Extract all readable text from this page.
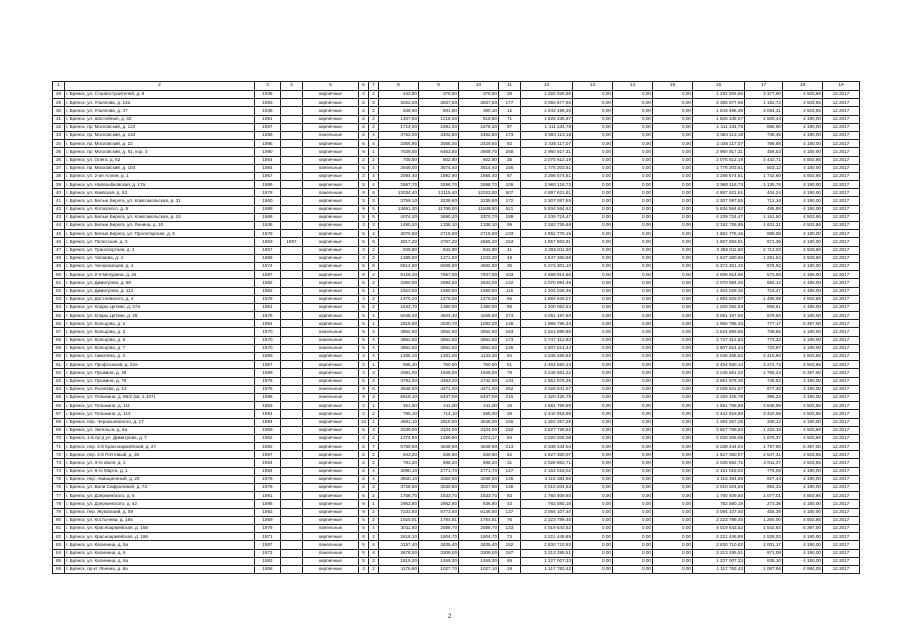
1	2	3	4	5	6	7	8	9	10	11	12	13	14	15	16	17	18	19
28	г. Брянск, ул. Станкостроителей, д. 8	1936		кирпичные	2	2	433,80	379,80	379,80	28	1 282 926,65	0,00	0,00	0,00	1 282 926,65	3 377,90	4 503,86	12.2017
29	г. Брянск, ул. Ульянова, д. 13а	1983		кирпичные	5	3	3022,00	2837,50	2837,50	177	3 355 877,66	0,00	0,00	0,00	3 355 877,66	1 182,72	4 503,86	12.2017
30	г. Брянск, ул. Ульянова, д. 47	1938		кирпичные	2	2	638,60	601,60	390,10	12	1 843 496,35	0,00	0,00	0,00	1 843 496,35	3 064,31	4 503,86	12.2017
31	г. Брянск, ул. Шоссейная, д. 63	1991		кирпичные	5	2	1307,50	1216,00	919,80	71	1 825 435,67	0,00	0,00	0,00	1 825 435,67	1 500,44	4 180,00	12.2017
32	г. Брянск, пр. Московский, д. 122	1967		кирпичные	5	2	1714,00	1591,20	1578,30	97	1 411 234,78	0,00	0,00	0,00	1 411 234,78	886,90	4 180,00	12.2017
33	г. Брянск, пр. Московский, д. 134	1958		панельные	5	4	3752,00	3402,80	2462,80	173	2 584 113,18	0,00	0,00	0,00	2 584 113,18	748,45	4 180,00	12.2017
34	г. Брянск, пр. Московский, д. 22	1985		кирпичные	5	4	3365,90	3056,00	2429,60	82	2 435 117,07	0,00	0,00	0,00	2 435 117,07	796,68	4 180,00	12.2017
35	г. Брянск, пр. Московский, д. 81, кор. 3	1990		кирпичные	9	1	7539,00	6463,80	4909,70	258	2 960 917,31	0,00	0,00	0,00	2 960 917,31	458,53	4 180,00	12.2017
36	г. Брянск, ул. Олега, д. 62	1954		кирпичные	2	2	705,50	602,80	602,80	35	2 075 612,19	0,00	0,00	0,00	2 075 612,19	3 442,71	4 503,86	12.2017
37	г. Брянск, пр. Московский, д. 104	1984		панельные	5	4	3948,00	3574,40	3514,40	156	1 775 203,61	0,00	0,00	0,00	1 775 203,61	503,12	4 180,00	12.2017
38	г. Брянск, ул. 2-ая Аллея, д. 1	1957		кирпичные	3	4	2094,40	1892,90	1665,40	67	3 298 574,61	0,00	0,00	0,00	3 298 574,61	1 742,60	4 503,86	12.2017
39	г. Брянск, ул. Новозыбковская, д. 17а	1966		кирпичные	5	4	2967,70	2598,70	2598,70	106	2 960 116,73	0,00	0,00	0,00	2 960 116,73	1 139,76	4 180,00	12.2017
40	г. Брянск, ул. Киевская, д. 63	1978		панельные	9	6	13034,40	12115,40	12023,00	507	4 897 621,61	0,00	0,00	0,00	4 897 621,61	404,24	4 180,00	12.2017
41	г. Брянск, ул. Белые Берега, ул. Комсомольская, д. 31	1960		кирпичные	5	3	3759,10	3239,60	3239,60	172	2 307 087,55	0,00	0,00	0,00	2 307 087,55	712,16	4 180,00	12.2017
42	г. Брянск, ул. Котовского, д. 8	1989		кирпичные	9	5	13691,30	11769,00	11649,50	521	5 834 564,62	0,00	0,00	0,00	5 834 564,62	495,88	4 180,00	12.2017
43	г. Брянск, ул. Белые Берега, ул. Комсомольская, д. 24	1966		кирпичные	5	5	4074,20	3690,20	3370,70	189	4 239 724,47	0,00	0,00	0,00	4 239 724,47	1 151,50	4 503,86	12.2017
44	г. Брянск, ул. Белые Берега, ул. Ленина, д. 10	1936		кирпичные	3	3	1490,20	1338,10	1338,10	59	2 182 726,66	0,00	0,00	0,00	2 182 726,66	1 631,21	4 503,86	12.2017
45	г. Брянск, ул. Белые Берега, ул. Пролетарская, д. 6	1978		кирпичные	5	4	3070,50	2715,50	2715,50	133	1 862 776,16	0,00	0,00	0,00	1 862 776,16	685,98	4 180,00	12.2017
46	г. Брянск, ул. Полесская, д. 2	1983	1997	кирпичные	5	6	3017,20	2767,20	2665,30	153	1 857 863,91	0,00	0,00	0,00	1 857 863,91	671,39	4 180,00	12.2017
47	г. Брянск, ул. Транспортная, д. 4	1957		кирпичные	2	2	929,80	842,90	842,90	41	2 286 811,60	0,00	0,00	0,00	2 286 811,60	2 713,03	4 503,86	12.2017
48	г. Брянск, ул. Чапаева, д. 4	1966		кирпичные	4	3	1389,50	1271,50	1043,30	49	1 647 360,66	0,00	0,00	0,00	1 647 360,66	1 291,54	4 503,86	12.2017
49	г. Брянск, ул. Челюскинцев, д. 4	1974		кирпичные	5	8	6514,90	6009,90	4862,80	35	5 274 301,10	0,00	0,00	0,00	5 274 301,10	876,92	4 180,00	12.2017
50	г. Брянск, ул. 2-я Мичурина, д. 25	1987		кирпичные	9	4	9129,40	7967,00	7937,00	433	4 588 914,66	0,00	0,00	0,00	4 588 914,66	573,58	4 180,00	12.2017
51	г. Брянск, ул. Димитрова, д. 69	1982		кирпичные	5	2	3360,00	2994,50	2633,00	142	2 070 994,46	0,00	0,00	0,00	2 070 994,46	684,12	4 180,00	12.2017
52	г. Брянск, ул. Димитрова, д. 112	1962		кирпичные	5	1	1923,50	1680,50	1680,50	115	1 204 029,36	0,00	0,00	0,00	1 204 029,36	716,47	4 180,00	12.2017
53	г. Брянск, ул. Достоевского, д. 4	1978		кирпичные	4	2	1370,20	1275,00	1275,00	66	1 894 629,07	0,00	0,00	0,00	1 894 629,07	1 485,98	4 503,86	12.2017
54	г. Брянск, ул. Клары Цеткин, д. 27а	1961		кирпичные	5	2	1543,70	1380,00	1380,00	85	1 200 062,53	0,00	0,00	0,00	1 200 062,53	869,61	4 180,00	12.2017
55	г. Брянск, ул. Клары Цеткин, д. 29	1978		кирпичные	5	4	5048,40	4504,40	4258,50	274	3 061 197,60	0,00	0,00	0,00	3 061 197,60	679,60	4 180,00	12.2017
56	г. Брянск, ул. Кольцова, д. 2	1984		кирпичные	5	1	2815,90	2530,70	1083,00	128	1 966 795,33	0,00	0,00	0,00	1 966 795,33	777,17	5 397,00	12.2017
57	г. Брянск, ул. Кольцова, д. 3	1970		панельные	5	4	3852,60	3552,60	3552,60	163	2 624 889,88	0,00	0,00	0,00	2 624 889,88	738,86	4 180,00	12.2017
58	г. Брянск, ул. Кольцова, д. 5	1970		панельные	5	4	3852,60	3552,60	3552,60	173	2 747 312,83	0,00	0,00	0,00	2 747 312,83	773,32	4 180,00	12.2017
59	г. Брянск, ул. Кольцова, д. 7	1970		панельные	5	4	3852,60	3552,60	3552,60	146	2 607 614,44	0,00	0,00	0,00	2 607 614,44	733,87	4 180,00	12.2017
60	г. Брянск, ул. Никитина, д. 3	1989		кирпичные	4	4	1266,10	1261,00	1133,30	64	3 046 466,82	0,00	0,00	0,00	3 046 466,82	2 415,60	4 503,86	12.2017
61	г. Брянск, ул. Профсоюзов, д. 22а	1957		кирпичные	2	1	965,40	750,00	750,00	51	2 454 550,14	0,00	0,00	0,00	2 454 550,14	3 272,73	4 503,86	12.2017
62	г. Брянск, ул. Пушкина, д. 48	1969		кирпичные	4	3	2061,00	1846,00	1846,00	79	3 245 661,22	0,00	0,00	0,00	3 245 661,22	1 758,24	5 397,00	12.2017
63	г. Брянск, ул. Пушкина, д. 76	1976		кирпичные	5	4	3791,20	3483,20	2742,00	134	2 561 875,35	0,00	0,00	0,00	2 561 875,35	735,52	4 180,00	12.2017
64	г. Брянск, ул. Рылеева, д. 13	1975		панельные	9	6	4648,00	4471,00	4471,00	252	3 028 841,67	0,00	0,00	0,00	3 028 841,67	677,40	4 180,00	12.2017
65	г. Брянск, ул. Тельмана, д. 66/2 (кв. 1-107)	1986		панельные	9	3	6518,10	5437,00	5437,00	216	2 320 425,79	0,00	0,00	0,00	2 320 425,79	396,23	4 180,00	12.2017
66	г. Брянск, ул. Тельмана, д. 111	1953		кирпичные	2	1	451,50	411,00	411,00	18	1 581 769,89	0,00	0,00	0,00	1 581 769,89	3 848,59	4 503,86	12.2017
67	г. Брянск, ул. Тельмана, д. 113	1954		кирпичные	2	2	790,10	714,10	555,00	28	2 442 918,99	0,00	0,00	0,00	2 442 918,99	3 420,98	4 503,86	12.2017
68	г. Брянск, пер. Чернышевского, д. 17	1984		кирпичные	12	1	4691,10	3918,50	3846,00	156	1 364 267,25	0,00	0,00	0,00	1 364 267,25	348,12	4 180,00	12.2017
69	г. Брянск, ул. Энгельса, д. 6а	1969		кирпичные	5	4	3339,00	3104,00	3104,00	152	3 827 758,52	0,00	0,00	0,00	3 827 758,52	1 233,18	4 503,86	12.2017
70	г. Брянск, 1-й пр-д ул. Димитрова, д. 7	1962		кирпичные	2	2	1374,90	1269,90	1073,17	84	2 020 206,08	0,00	0,00	0,00	2 020 206,08	1 876,37	4 503,86	12.2017
71	г. Брянск, пер. 2-й Красноармейский, д. 27	1982		кирпичные	5	7	5789,50	4638,90	4638,90	213	8 338 444,04	0,00	0,00	0,00	8 338 444,04	1 797,50	5 397,00	12.2017
72	г. Брянск, пер. 2-й Почтовый, д. 36	1967		кирпичные	5	2	943,20	636,90	630,90	62	1 627 360,07	0,00	0,00	0,00	1 627 360,07	2 547,41	4 503,86	12.2017
73	г. Брянск, ул. 3-го июля, д. 1	1964		кирпичные	2	2	781,20	696,20	696,20	31	2 028 862,71	0,00	0,00	0,00	2 028 862,71	2 911,47	4 503,86	12.2017
74	г. Брянск, ул. 8-го Марта, д. 1	1984		кирпичные	5	4	3090,10	2771,70	2771,70	127	2 151 018,02	0,00	0,00	0,00	2 151 018,02	776,08	4 180,00	12.2017
75	г. Брянск, пер. Авиационный, д. 20	1978		кирпичные	5	4	3650,10	3350,00	3268,00	146	3 115 384,86	0,00	0,00	0,00	3 115 384,86	927,44	4 180,00	12.2017
76	г. Брянск, ул. Вали Сафроновой, д. 73	1978		кирпичные	5	3	3728,60	3030,60	3027,90	148	3 010 204,83	0,00	0,00	0,00	3 010 204,83	993,33	4 180,00	12.2017
77	г. Брянск, ул. Дзержинского, д. 5	1981		кирпичные	5	2	1758,70	1633,70	1633,70	83	1 760 409,60	0,00	0,00	0,00	1 760 409,60	1 077,01	4 503,86	12.2017
78	г. Брянск, ул. Дзержинского, д. 42	1986		кирпичные	9	1	2963,80	2862,80	636,80	43	782 580,19	0,00	0,00	0,00	782 580,19	273,38	4 180,00	12.2017
79	г. Брянск, пер. Жуковский, д. 59	1982		кирпичные	9	2	7233,60	6773,60	6146,50	137	3 084 107,40	0,00	0,00	0,00	3 084 107,40	455,38	4 180,00	12.2017
80	г. Брянск, ул. Костычева, д. 19а	1969		кирпичные	5	2	1920,91	1784,91	1784,91	76	2 223 789,45	0,00	0,00	0,00	2 223 789,45	1 260,00	4 503,86	12.2017
81	г. Брянск, ул. Красноармейская, д. 158	1978		панельные	5	4	3011,80	2588,70	2588,70	133	4 019 643,52	0,00	0,00	0,00	4 019 643,52	1 542,84	5 397,00	12.2017
82	г. Брянск, ул. Красноармейская, д. 166	1971		кирпичные	5	2	2618,10	1804,70	1804,70	73	2 221 445,89	0,00	0,00	0,00	2 221 445,89	1 528,02	4 180,00	12.2017
83	г. Брянск, ул. Калинина, д. 5а	1987		панельные	5	4	3157,40	2835,40	2835,40	152	2 830 710,82	0,00	0,00	0,00	2 830 710,82	1 001,17	4 180,00	12.2017
84	г. Брянск, ул. Калинина, д. 6	1972		панельные	5	4	3678,00	3309,00	3309,00	187	3 213 295,51	0,00	0,00	0,00	3 213 295,51	971,08	4 180,00	12.2017
85	г. Брянск, ул. Калинина, д. 8а	1983		кирпичные	5	2	1619,30	1469,30	1469,30	69	1 227 007,33	0,00	0,00	0,00	1 227 007,33	835,10	4 180,00	12.2017
86	г. Брянск, пр-кт Ленина, д. 8а	1958		кирпичные	3	2	1176,80	1027,70	1027,10	18	1 117 783,42	0,00	0,00	0,00	1 117 783,42	1 087,66	4 984,05	12.2017
2
